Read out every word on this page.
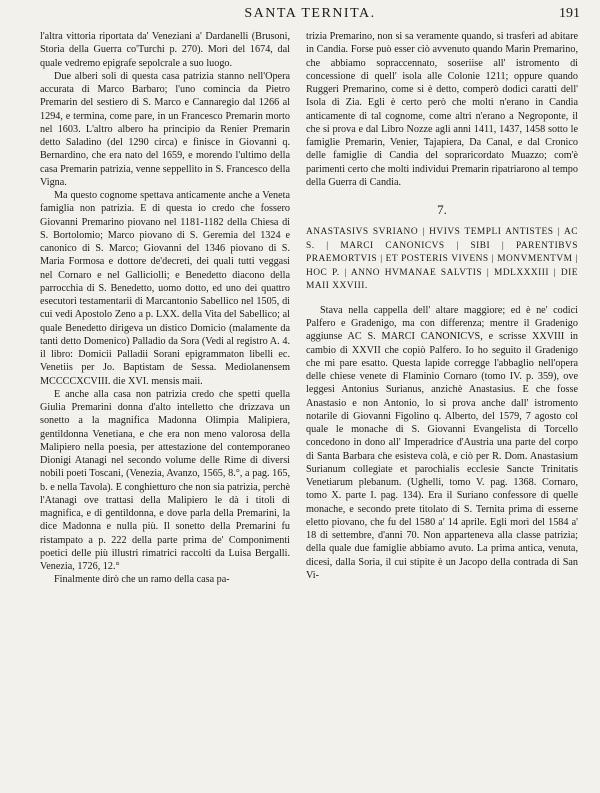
SANTA TERNITA.	191

l'altra vittoria riportata da' Veneziani a' Dardanelli (Brusoni, Storia della Guerra co'Turchi p. 270). Morì del 1674, dal quale vedremo epigrafe sepolcrale a suo luogo.

Due alberi soli di questa casa patrizia stanno nell'Opera accurata di Marco Barbaro; l'uno comincia da Pietro Premarin del sestiero di S. Marco e Cannaregio dal 1266 al 1294, e termina, come pare, in un Francesco Premarin morto nel 1603. L'altro albero ha principio da Renier Premarin detto Saladino (del 1290 circa) e finisce in Giovanni q. Bernardino, che era nato del 1659, e morendo l'ultimo della casa Premarin patrizia, venne seppellito in S. Francesco della Vigna.

Ma questo cognome spettava anticamente anche a Veneta famiglia non patrizia. E di questa io credo che fossero Giovanni Premarino piovano nel 1181-1182 della Chiesa di S. Bortolomio; Marco piovano di S. Geremia del 1324 e canonico di S. Marco; Giovanni del 1346 piovano di S. Maria Formosa e dottore de'decreti, dei quali tutti veggasi nel Cornaro e nel Galliciolli; e Benedetto diacono della parrocchia di S. Benedetto, uomo dotto, ed uno dei quattro esecutori testamentarii di Marcantonio Sabellico nel 1505, di cui vedi Apostolo Zeno a p. LXX. della Vita del Sabellico; al quale Benedetto dirigeva un distico Domicio (malamente da tanti detto Domenico) Palladio da Sora (Vedi al registro A. 4. il libro: Domicii Palladii Sorani epigrammaton libelli ec. Venetiis per Jo. Baptistam de Sessa. Mediolanensem MCCCCXCVIII. die XVI. mensis maii.

E anche alla casa non patrizia credo che spetti quella Giulia Premarini donna d'alto intelletto che drizzava un sonetto a la magnifica Madonna Olimpia Malipiera, gentildonna Venetiana, e che era non meno valorosa della Malipiero nella poesia, per attestazione del contemporaneo Dionigi Atanagi nel secondo volume delle Rime di diversi nobili poeti Toscani, (Venezia, Avanzo, 1565, 8.°, a pag. 165, b. e nella Tavola). E conghietturo che non sia patrizia, perchè l'Atanagi ove trattasi della Malipiero le dà i titoli di magnifica, e di gentildonna, e dove parla della Premarini, la dice Madonna e nulla più. Il sonetto della Premarini fu ristampato a p. 222 della parte prima de' Componimenti poetici delle più illustri rimatrici raccolti da Luisa Bergalli. Venezia, 1726, 12.°

Finalmente dirò che un ramo della casa pa-

trizia Premarino, non si sa veramente quando, si trasferì ad abitare in Candia. Forse può esser ciò avvenuto quando Marin Premarino, che abbiamo sopraccennato, soseriise all' istromento di concessione di quell' isola alle Colonie 1211; oppure quando Ruggeri Premarino, come si è detto, comperò dodici caratti dell' Isola di Zia. Egli è certo però che molti n'erano in Candia anticamente di tal cognome, come altri n'erano a Negroponte, il che si prova e dal Libro Nozze agli anni 1411, 1437, 1458 sotto le famiglie Premarin, Venier, Tajapiera, Da Canal, e dal Cronico delle famiglie di Candia del sopraricordato Muazzo; com'è parimenti certo che molti individui Premarin ripatriarono al tempo della Guerra di Candia.

7.
ANASTASIVS SVRIANO | HVIVS TEMPLI ANTISTES | AC S. | MARCI CANONICVS | SIBI | PARENTIBVS PRAEMORTVIS | ET POSTERIS VIVENS | MONVMENTVM | HOC P. | ANNO HVMANAE SALVTIS | MDLXXXIII | DIE MAII XXVIII.

Stava nella cappella dell' altare maggiore; ed è ne' codici Palfero e Gradenigo, ma con differenza; mentre il Gradenigo aggiunse AC S. MARCI CANONICVS, e scrisse XXVIII in cambio di XXVII che copiò Palfero. Io ho seguito il Gradenigo che mi pare esatto. Questa lapide corregge l'abbaglio nell'opera delle chiese venete di Flaminio Cornaro (tomo IV. p. 359), ove leggesi Antonius Surianus, anzichè Anastasius. E che fosse Anastasio e non Antonio, lo si prova anche dall' istromento notarile di Giovanni Figolino q. Alberto, del 1579, 7 agosto col quale le monache di S. Giovanni Evangelista di Torcello concedono in dono all' Imperadrice d'Austria una parte del corpo di Santa Barbara che esisteva colà, e ciò per R. Dom. Anastasium Surianum collegiate et parochialis ecclesie Sancte Trinitatis Venetiarum plebanum. (Ughelli, tomo V. pag. 1368. Cornaro, tomo X. parte I. pag. 134). Era il Suriano confessore di quelle monache, e secondo prete titolato di S. Ternita prima di esserne eletto piovano, che fu del 1580 a' 14 aprile. Egli morì del 1584 a' 18 di settembre, d'anni 70. Non apparteneva alla classe patrizia; della quale due famiglie abbiamo avuto. La prima antica, venuta, dicesi, dalla Soria, il cui stipite è un Jacopo della contrada di San Vi-
